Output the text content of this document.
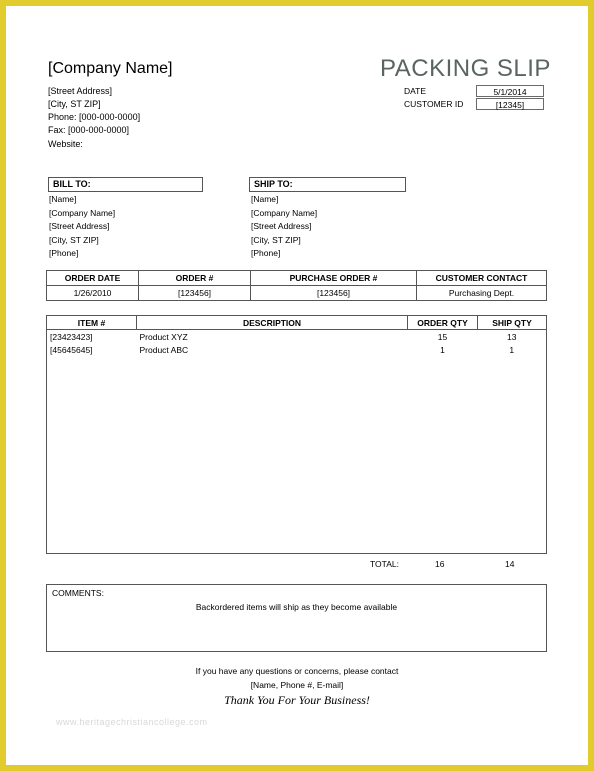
[Company Name]
[Street Address]
[City, ST ZIP]
Phone: [000-000-0000]
Fax: [000-000-0000]
Website:
PACKING SLIP
DATE	5/1/2014
CUSTOMER ID	[12345]
BILL TO:
[Name]
[Company Name]
[Street Address]
[City, ST ZIP]
[Phone]
SHIP TO:
[Name]
[Company Name]
[Street Address]
[City, ST ZIP]
[Phone]
ORDER DATE	ORDER #	PURCHASE ORDER #	CUSTOMER CONTACT
1/26/2010	[123456]	[123456]	Purchasing Dept.
ITEM #	DESCRIPTION	ORDER QTY	SHIP QTY
[23423423]	Product XYZ	15	13
[45645645]	Product ABC	1	1
TOTAL:	16	14
COMMENTS:
Backordered items will ship as they become available
If you have any questions or concerns, please contact
[Name, Phone #, E-mail]
Thank You For Your Business!
www.heritagechristiancollege.com
